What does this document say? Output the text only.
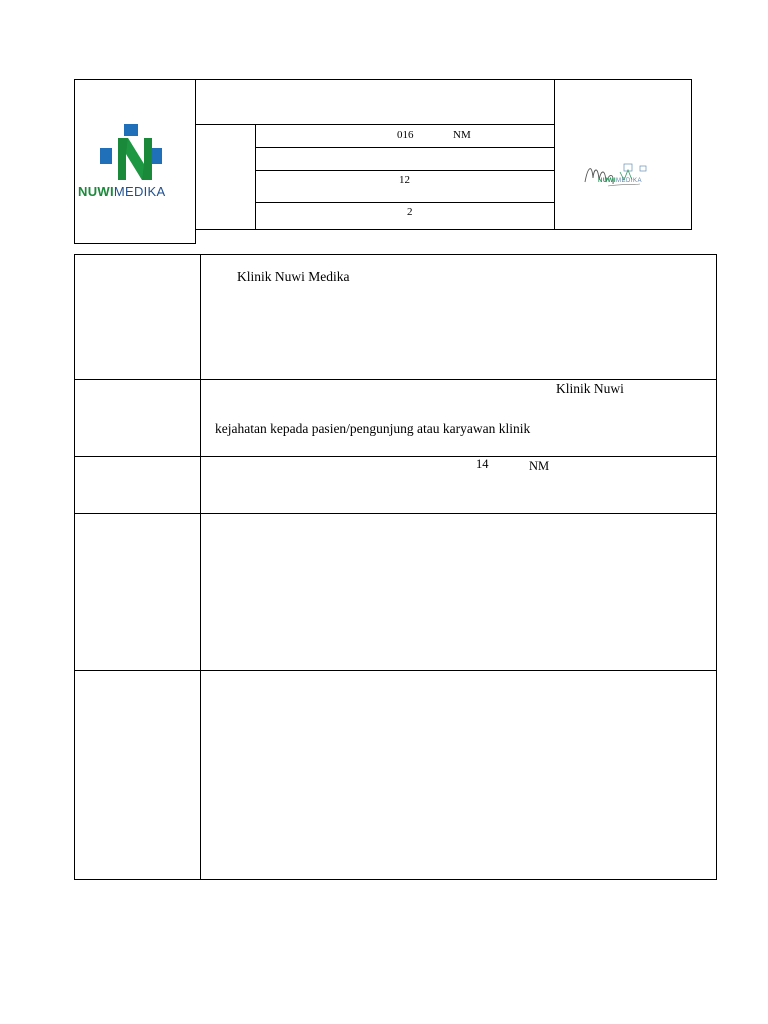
NUWIMEDIKA
016	NM
12
2
NUWIMEDIKA
Klinik Nuwi Medika
Klinik Nuwi
kejahatan kepada pasien/pengunjung atau karyawan klinik
14	NM
